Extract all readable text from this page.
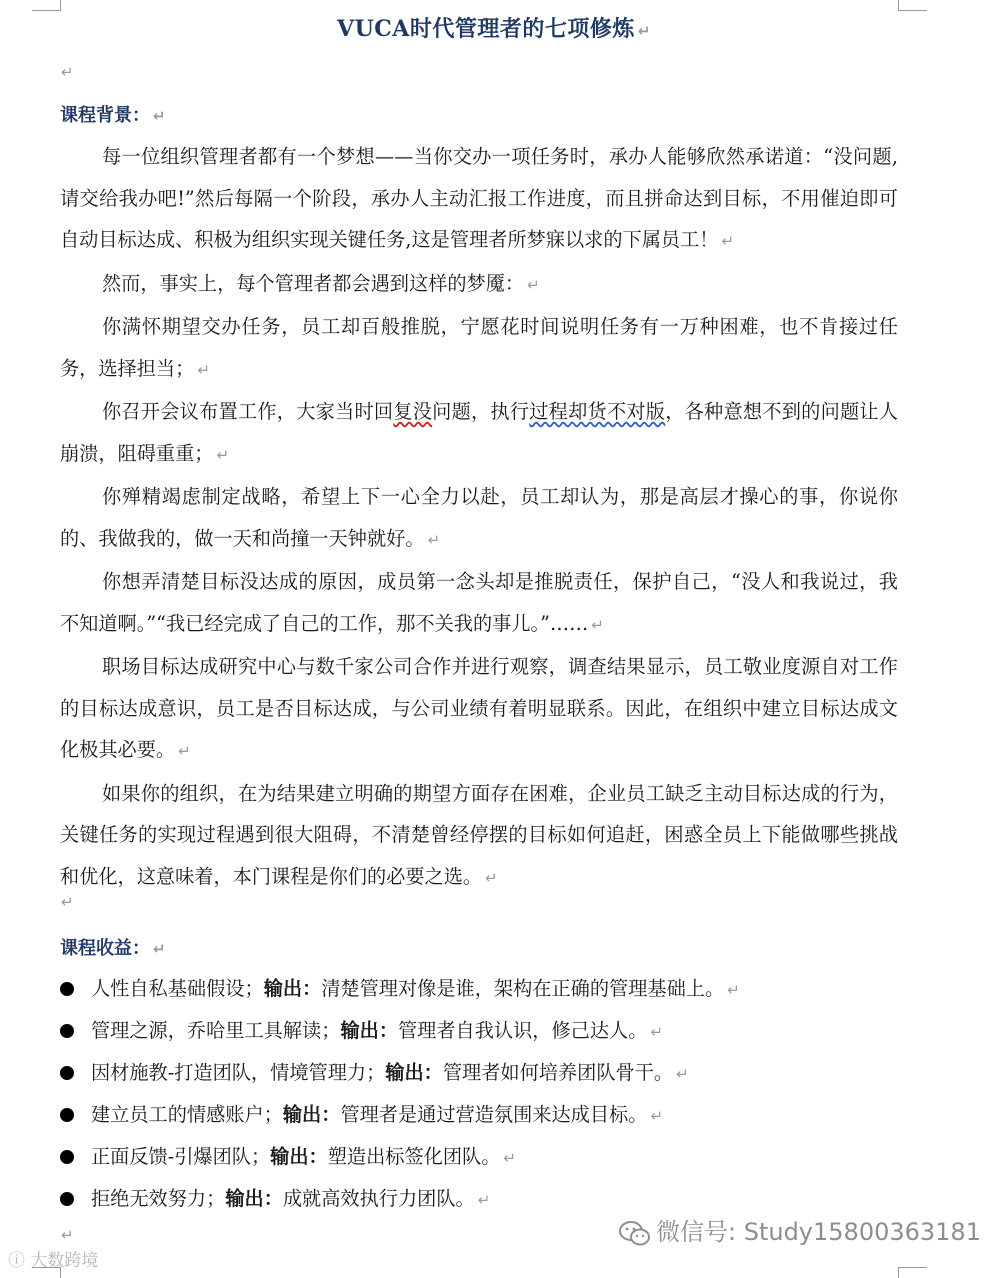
VUCA时代管理者的七项修炼 ↵
↵
课程背景： ↵

每一位组织管理者都有一个梦想——当你交办一项任务时，承办人能够欣然承诺道：“没问题,请交给我办吧!”然后每隔一个阶段，承办人主动汇报工作进度，而且拼命达到目标，不用催迫即可自动目标达成、积极为组织实现关键任务,这是管理者所梦寐以求的下属员工！ ↵

然而，事实上，每个管理者都会遇到这样的梦魇： ↵

你满怀期望交办任务，员工却百般推脱，宁愿花时间说明任务有一万种困难，也不肯接过任务，选择担当； ↵

你召开会议布置工作，大家当时回复没问题，执行过程却货不对版，各种意想不到的问题让人崩溃，阻碍重重； ↵

你殚精竭虑制定战略，希望上下一心全力以赴，员工却认为，那是高层才操心的事，你说你的、我做我的，做一天和尚撞一天钟就好。 ↵

你想弄清楚目标没达成的原因，成员第一念头却是推脱责任，保护自己，“没人和我说过，我不知道啊。”“我已经完成了自己的工作，那不关我的事儿。”…… ↵

职场目标达成研究中心与数千家公司合作并进行观察，调查结果显示，员工敬业度源自对工作的目标达成意识，员工是否目标达成，与公司业绩有着明显联系。因此，在组织中建立目标达成文化极其必要。 ↵

如果你的组织，在为结果建立明确的期望方面存在困难，企业员工缺乏主动目标达成的行为，关键任务的实现过程遇到很大阻碍，不清楚曾经停摆的目标如何追赶，困惑全员上下能做哪些挑战和优化，这意味着，本门课程是你们的必要之选。 ↵

↵
课程收益： ↵
人性自私基础假设；输出：清楚管理对像是谁，架构在正确的管理基础上。 ↵
管理之源，乔哈里工具解读；输出：管理者自我认识，修己达人。 ↵
因材施教-打造团队，情境管理力；输出：管理者如何培养团队骨干。 ↵
建立员工的情感账户；输出：管理者是通过营造氛围来达成目标。 ↵
正面反馈-引爆团队；输出：塑造出标签化团队。 ↵
拒绝无效努力；输出：成就高效执行力团队。 ↵
↵
ⓘ 大数跨境
微信号: Study15800363181
